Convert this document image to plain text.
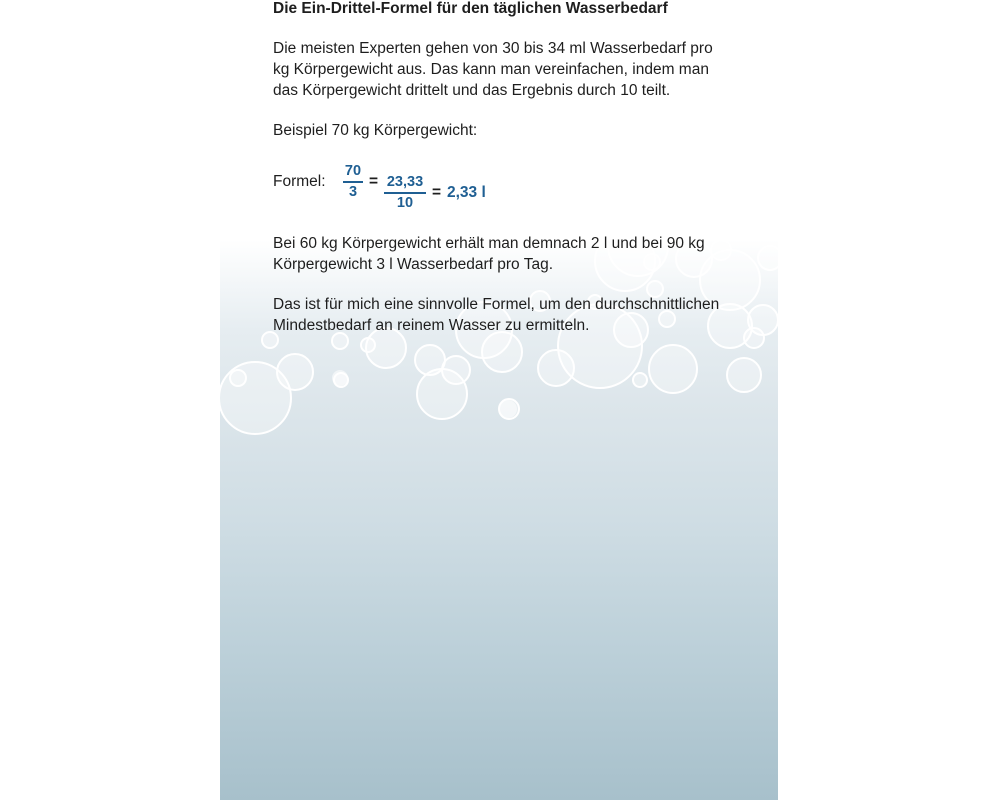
Die Ein-Drittel-Formel für den täglichen Wasserbedarf
Die meisten Experten gehen von 30 bis 34 ml Wasserbedarf pro
kg Körpergewicht aus. Das kann man vereinfachen, indem man
das Körpergewicht drittelt und das Ergebnis durch 10 teilt.
Beispiel 70 kg Körpergewicht:
Formel:
70
3
= 23,33
10
= 2,33 l
Bei 60 kg Körpergewicht erhält man demnach 2 l und bei 90 kg
Körpergewicht 3 l Wasserbedarf pro Tag.
Das ist für mich eine sinnvolle Formel, um den durchschnittlichen
Mindestbedarf an reinem Wasser zu ermitteln.
